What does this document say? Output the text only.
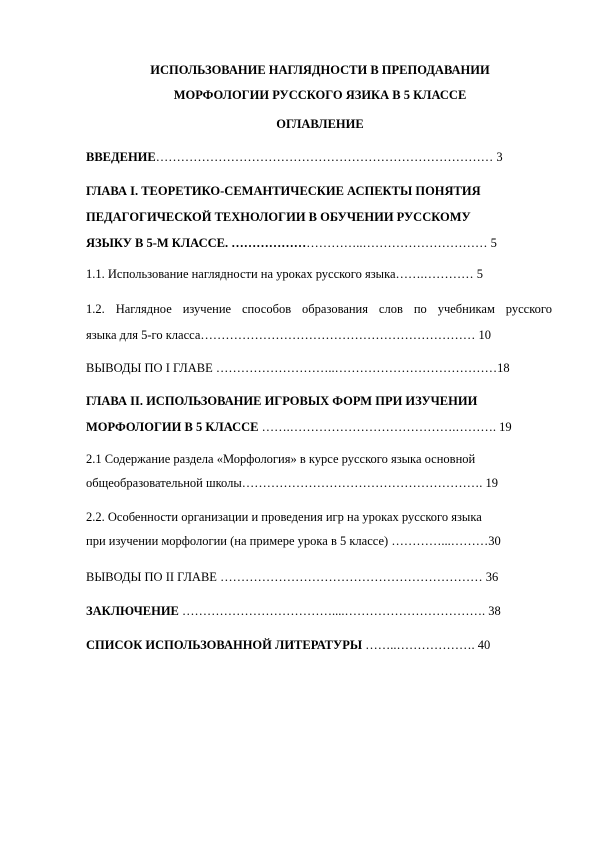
ИСПОЛЬЗОВАНИЕ НАГЛЯДНОСТИ В ПРЕПОДАВАНИИ
МОРФОЛОГИИ РУССКОГО ЯЗИКА В 5 КЛАССЕ
ОГЛАВЛЕНИЕ
ВВЕДЕНИЕ……………………………………………………………………… 3
ГЛАВА I. ТЕОРЕТИКО-СЕМАНТИЧЕСКИЕ АСПЕКТЫ ПОНЯТИЯ
ПЕДАГОГИЧЕСКОЙ ТЕХНОЛОГИИ В ОБУЧЕНИИ РУССКОМУ
ЯЗЫКУ В 5-М КЛАССЕ. …………………………..………………………… 5
1.1. Использование наглядности на уроках русского языка…….………… 5
1.2. Наглядное изучение способов образования слов по учебникам русского
языка для 5-го класса………………………………………………………… 10
ВЫВОДЫ ПО I ГЛАВЕ ………………………..…………………………………18
ГЛАВА II. ИСПОЛЬЗОВАНИЕ ИГРОВЫХ ФОРМ ПРИ ИЗУЧЕНИИ
МОРФОЛОГИИ В 5 КЛАССЕ …….………………………………….………. 19
2.1 Содержание раздела «Морфология» в курсе русского языка основной
общеобразовательной школы…………………………………………………. 19
2.2. Особенности организации и проведения игр на уроках русского языка
при изучении морфологии (на примере урока в 5 классе) …………...………30
ВЫВОДЫ ПО II ГЛАВЕ ……………………………………………………… 36
ЗАКЛЮЧЕНИЕ ………………………………....……………………………. 38
СПИСОК ИСПОЛЬЗОВАННОЙ ЛИТЕРАТУРЫ ……..………………. 40
